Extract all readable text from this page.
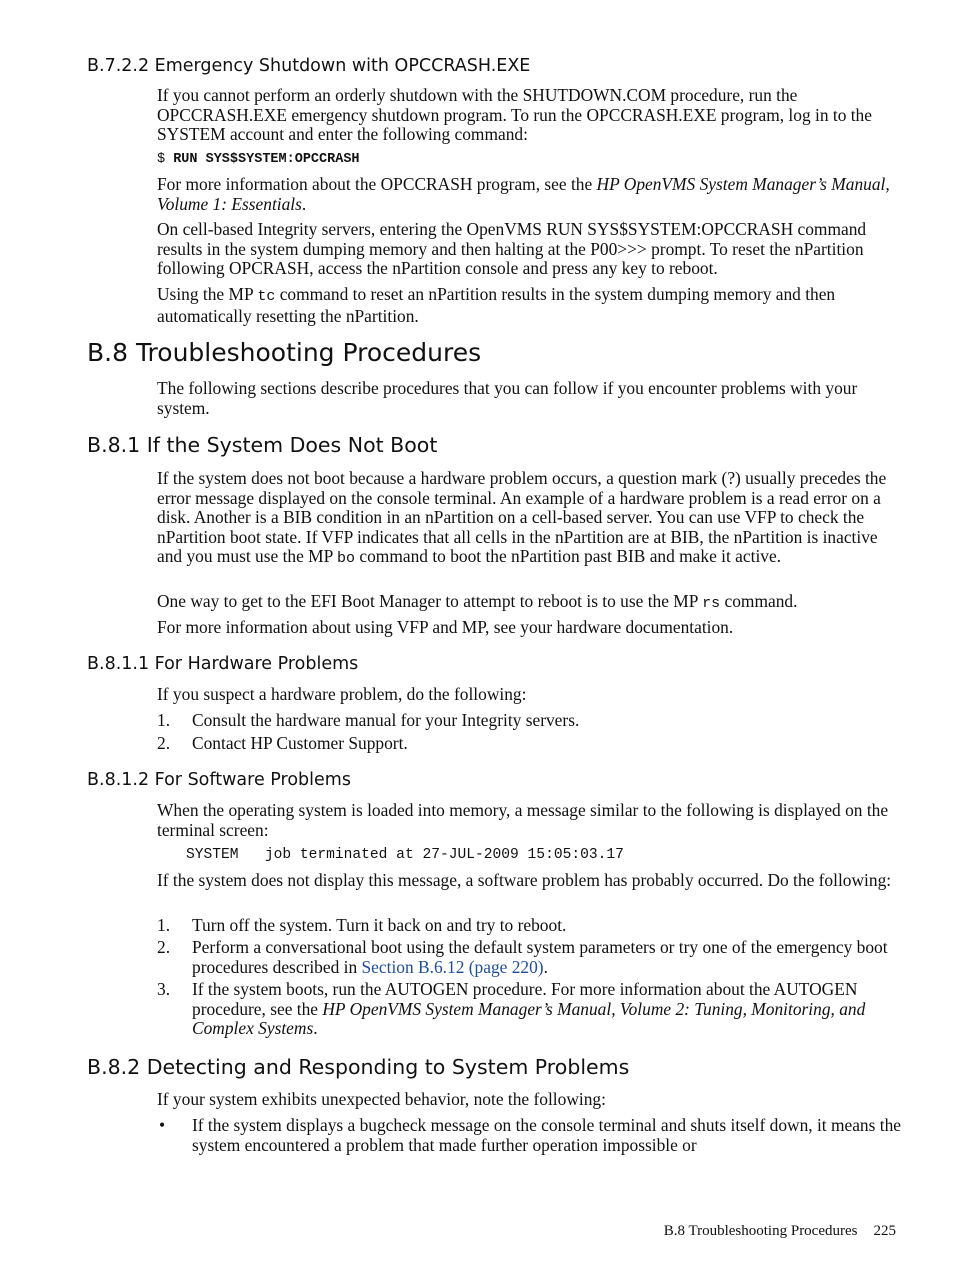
B.7.2.2 Emergency Shutdown with OPCCRASH.EXE

If you cannot perform an orderly shutdown with the SHUTDOWN.COM procedure, run the OPCCRASH.EXE emergency shutdown program. To run the OPCCRASH.EXE program, log in to the SYSTEM account and enter the following command:

$ RUN SYS$SYSTEM:OPCCRASH

For more information about the OPCCRASH program, see the HP OpenVMS System Manager’s Manual, Volume 1: Essentials.

On cell-based Integrity servers, entering the OpenVMS RUN SYS$SYSTEM:OPCCRASH command results in the system dumping memory and then halting at the P00>>> prompt. To reset the nPartition following OPCRASH, access the nPartition console and press any key to reboot.

Using the MP tc command to reset an nPartition results in the system dumping memory and then automatically resetting the nPartition.

B.8 Troubleshooting Procedures

The following sections describe procedures that you can follow if you encounter problems with your system.

B.8.1 If the System Does Not Boot

If the system does not boot because a hardware problem occurs, a question mark (?) usually precedes the error message displayed on the console terminal. An example of a hardware problem is a read error on a disk. Another is a BIB condition in an nPartition on a cell-based server. You can use VFP to check the nPartition boot state. If VFP indicates that all cells in the nPartition are at BIB, the nPartition is inactive and you must use the MP bo command to boot the nPartition past BIB and make it active.

One way to get to the EFI Boot Manager to attempt to reboot is to use the MP rs command.

For more information about using VFP and MP, see your hardware documentation.

B.8.1.1 For Hardware Problems

If you suspect a hardware problem, do the following:

1. Consult the hardware manual for your Integrity servers.
2. Contact HP Customer Support.
B.8.1.2 For Software Problems

When the operating system is loaded into memory, a message similar to the following is displayed on the terminal screen:

SYSTEM   job terminated at 27-JUL-2009 15:05:03.17

If the system does not display this message, a software problem has probably occurred. Do the following:

1. Turn off the system. Turn it back on and try to reboot.
2. Perform a conversational boot using the default system parameters or try one of the emergency boot procedures described in Section B.6.12 (page 220).
3. If the system boots, run the AUTOGEN procedure. For more information about the AUTOGEN procedure, see the HP OpenVMS System Manager’s Manual, Volume 2: Tuning, Monitoring, and Complex Systems.
B.8.2 Detecting and Responding to System Problems

If your system exhibits unexpected behavior, note the following:

• If the system displays a bugcheck message on the console terminal and shuts itself down, it means the system encountered a problem that made further operation impossible or
B.8 Troubleshooting Procedures 225
